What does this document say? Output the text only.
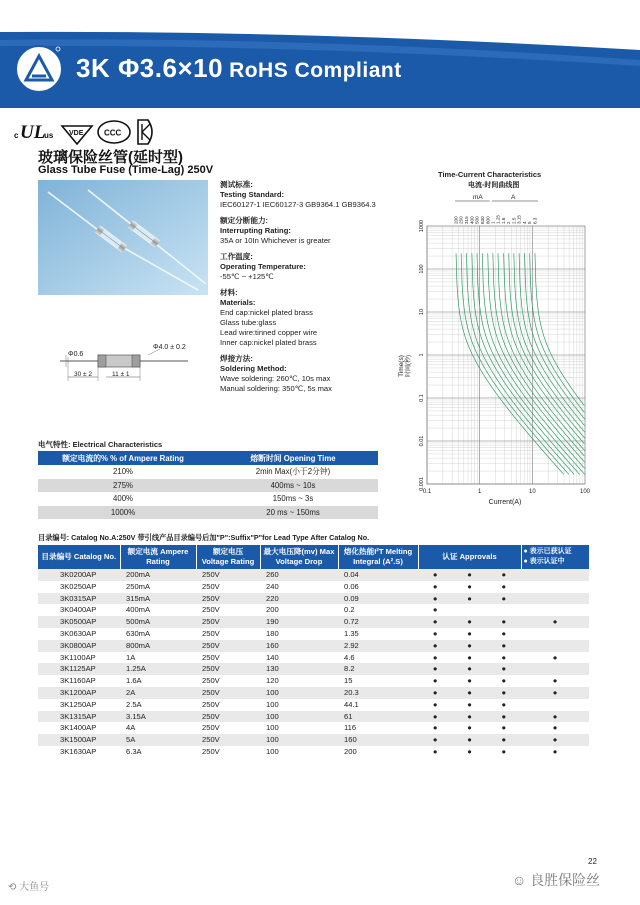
3K Φ3.6×10 RoHS Compliant
c UL
us VDE	CCC
玻璃保险丝管(延时型)
Glass Tube Fuse (Time-Lag) 250V
Φ0.6
Φ4.0 ± 0.2
30 ± 2	11 ± 1

测试标准:

Testing Standard:

IEC60127-1 IEC60127-3 GB9364.1 GB9364.3

额定分断能力:

Interrupting Rating:

35A or 10In Whichever is greater

工作温度:

Operating Temperature:

-55℃ ~ +125℃

材料:

Materials:

End cap:nickel plated brass

Glass tube:glass

Lead wire:tinned copper wire

Inner cap:nickel plated brass

焊接方法:

Soldering Method:

Wave soldering: 260℃, 10s max

Manual soldering: 350℃, 5s max

Time-Current Characteristics
电流-时间曲线图
0.1	1	10	100
1000
100
10
1
0.1
0.01
0.001
200 250 315 400 500 630 800 1 1.25 1.6 2 2.5 3.15 4 5 6.3
Current(A)
Time(s) 时间(秒)
mA	A
电气特性: Electrical Characteristics
额定电流的% % of Ampere Rating	熔断时间 Opening Time
210%	2min Max(小于2分钟)
275%	400ms ~ 10s
400%	150ms ~ 3s
1000%	20 ms ~ 150ms
目录编号: Catalog No.A:250V 带引线产品目录编号后加"P":Suffix"P"for Lead Type After Catalog No.
目录编号 Catalog No.	额定电流 Ampere Rating	额定电压 Voltage Rating	最大电压降(mv) Max Voltage Drop	熔化热能I²T Melting Integral (A².S)	认证 Approvals			● 表示已获认证
● 表示认证中

3K0200AP	200mA	250V	260	0.04	●	●	●	
3K0250AP	250mA	250V	240	0.06	●	●	●	
3K0315AP	315mA	250V	220	0.09	●	●	●	
3K0400AP	400mA	250V	200	0.2	●			
3K0500AP	500mA	250V	190	0.72	●	●	●	●
3K0630AP	630mA	250V	180	1.35	●	●	●	
3K0800AP	800mA	250V	160	2.92	●	●	●	
3K1100AP	1A	250V	140	4.6	●	●	●	●
3K1125AP	1.25A	250V	130	8.2	●	●	●	
3K1160AP	1.6A	250V	120	15	●	●	●	●
3K1200AP	2A	250V	100	20.3	●	●	●	●
3K1250AP	2.5A	250V	100	44.1	●	●	●	
3K1315AP	3.15A	250V	100	61	●	●	●	●
3K1400AP	4A	250V	100	116	●	●	●	●
3K1500AP	5A	250V	100	160	●	●	●	●
3K1630AP	6.3A	250V	100	200	●	●	●	●
22
⟲ 大鱼号	☺ 良胜保险丝
